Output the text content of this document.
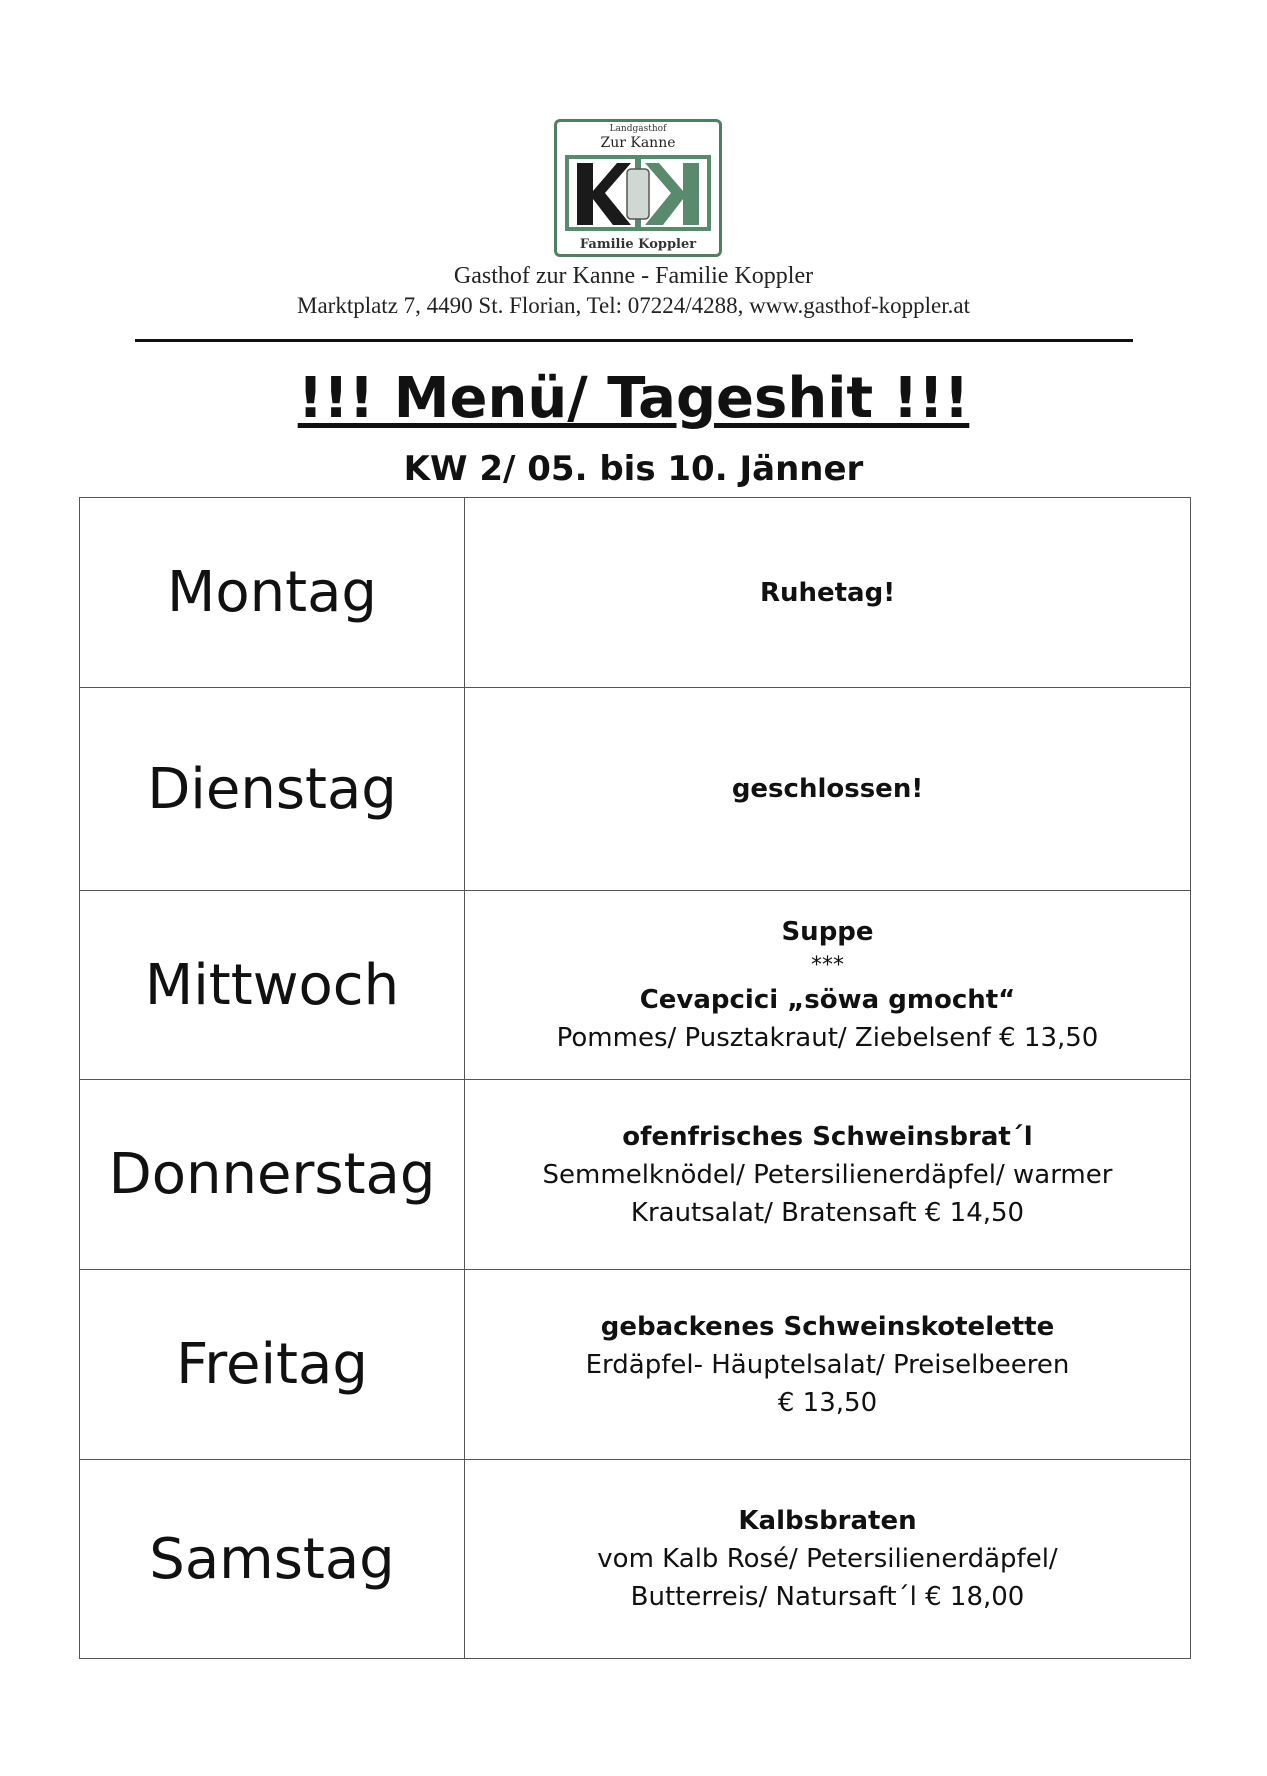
Landgasthof
Zur Kanne
Familie Koppler
Gasthof zur Kanne - Familie Koppler
Marktplatz 7, 4490 St. Florian, Tel: 07224/4288, www.gasthof-koppler.at
!!! Menü/ Tageshit !!!
KW 2/ 05. bis 10. Jänner
Montag	Ruhetag!

Dienstag	geschlossen!

Mittwoch	Suppe
***
Cevapcici „söwa gmocht“
Pommes/ Pusztakraut/ Ziebelsenf € 13,50

Donnerstag	ofenfrisches Schweinsbrat´l
Semmelknödel/ Petersilienerdäpfel/ warmer
Krautsalat/ Bratensaft € 14,50

Freitag	gebackenes Schweinskotelette
Erdäpfel- Häuptelsalat/ Preiselbeeren
€ 13,50

Samstag	Kalbsbraten
vom Kalb Rosé/ Petersilienerdäpfel/
Butterreis/ Natursaft´l € 18,00
